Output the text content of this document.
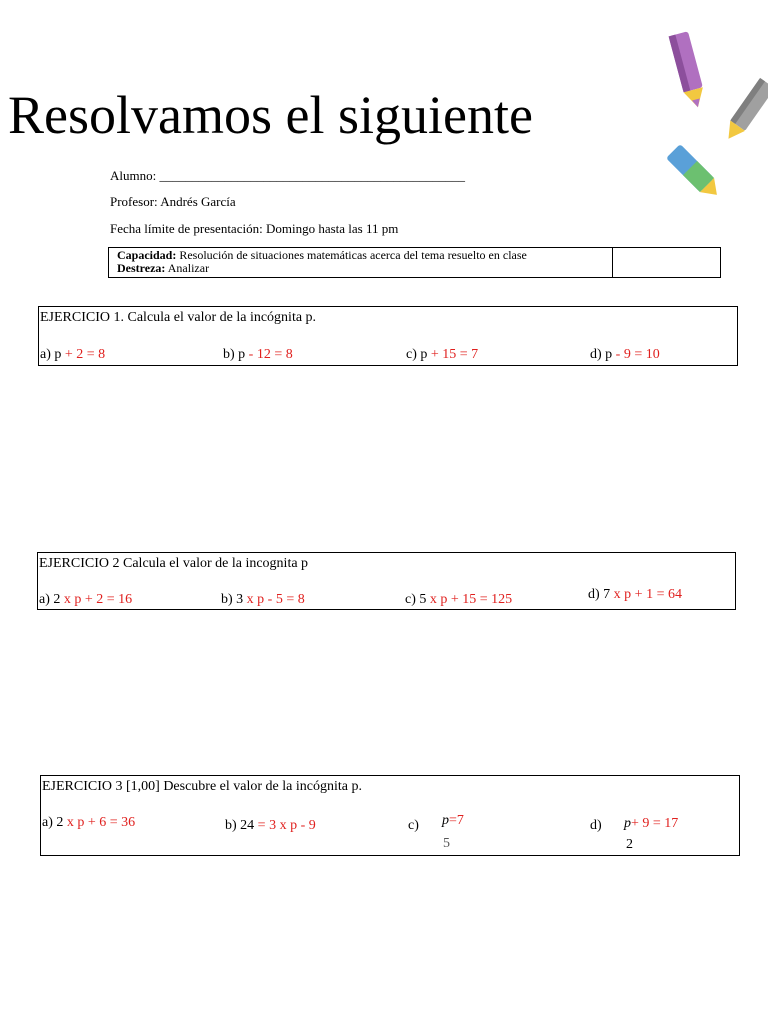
Resolvamos el siguiente
Alumno: _______________________________________________
Profesor: Andrés García
Fecha límite de presentación: Domingo hasta las 11 pm
Capacidad: Resolución de situaciones matemáticas acerca del tema resuelto en clase
Destreza: Analizar
EJERCICIO 1. Calcula el valor de la incógnita p.
a) p + 2 = 8	b) p - 12 = 8	c) p + 15 = 7	d) p - 9 = 10
EJERCICIO 2 Calcula el valor de la incognita p
a) 2 x p + 2 = 16	b) 3 x p - 5 = 8	c) 5 x p + 15 = 125	d) 7 x p + 1 = 64
EJERCICIO 3 [1,00] Descubre el valor de la incógnita p.
a) 2 x p + 6 = 36	b) 24 = 3 x p - 9	c) p=7
5
d) p+ 9 = 17
2
